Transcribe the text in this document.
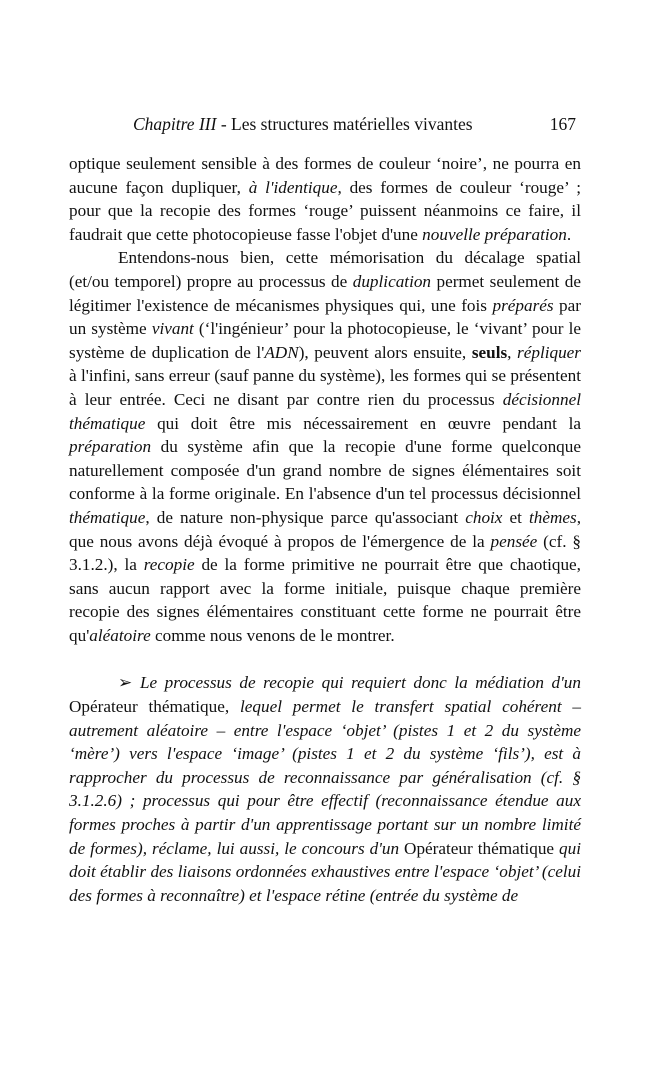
Chapitre III - Les structures matérielles vivantes	167

optique seulement sensible à des formes de couleur ‘noire’, ne pourra en aucune façon dupliquer, à l'identique, des formes de couleur ‘rouge’ ; pour que la recopie des formes ‘rouge’ puissent néanmoins ce faire, il faudrait que cette photocopieuse fasse l'objet d'une nouvelle préparation.

Entendons-nous bien, cette mémorisation du décalage spatial (et/ou temporel) propre au processus de duplication permet seulement de légitimer l'existence de mécanismes physiques qui, une fois préparés par un système vivant (‘l'ingénieur’ pour la photocopieuse, le ‘vivant’ pour le système de duplication de l'ADN), peuvent alors ensuite, seuls, répliquer à l'infini, sans erreur (sauf panne du système), les formes qui se présentent à leur entrée. Ceci ne disant par contre rien du processus décisionnel thématique qui doit être mis nécessairement en œuvre pendant la préparation du système afin que la recopie d'une forme quelconque naturellement composée d'un grand nombre de signes élémentaires soit conforme à la forme originale. En l'absence d'un tel processus décisionnel thématique, de nature non-physique parce qu'associant choix et thèmes, que nous avons déjà évoqué à propos de l'émergence de la pensée (cf. § 3.1.2.), la recopie de la forme primitive ne pourrait être que chaotique, sans aucun rapport avec la forme initiale, puisque chaque première recopie des signes élémentaires constituant cette forme ne pourrait être qu'aléatoire comme nous venons de le montrer.

➢ Le processus de recopie qui requiert donc la médiation d'un Opérateur thématique, lequel permet le transfert spatial cohérent – autrement aléatoire – entre l'espace ‘objet’ (pistes 1 et 2 du système ‘mère’) vers l'espace ‘image’ (pistes 1 et 2 du système ‘fils’), est à rapprocher du processus de reconnaissance par généralisation (cf. § 3.1.2.6) ; processus qui pour être effectif (reconnaissance étendue aux formes proches à partir d'un apprentissage portant sur un nombre limité de formes), réclame, lui aussi, le concours d'un Opérateur thématique qui doit établir des liaisons ordonnées exhaustives entre l'espace ‘objet’ (celui des formes à reconnaître) et l'espace rétine (entrée du système de
